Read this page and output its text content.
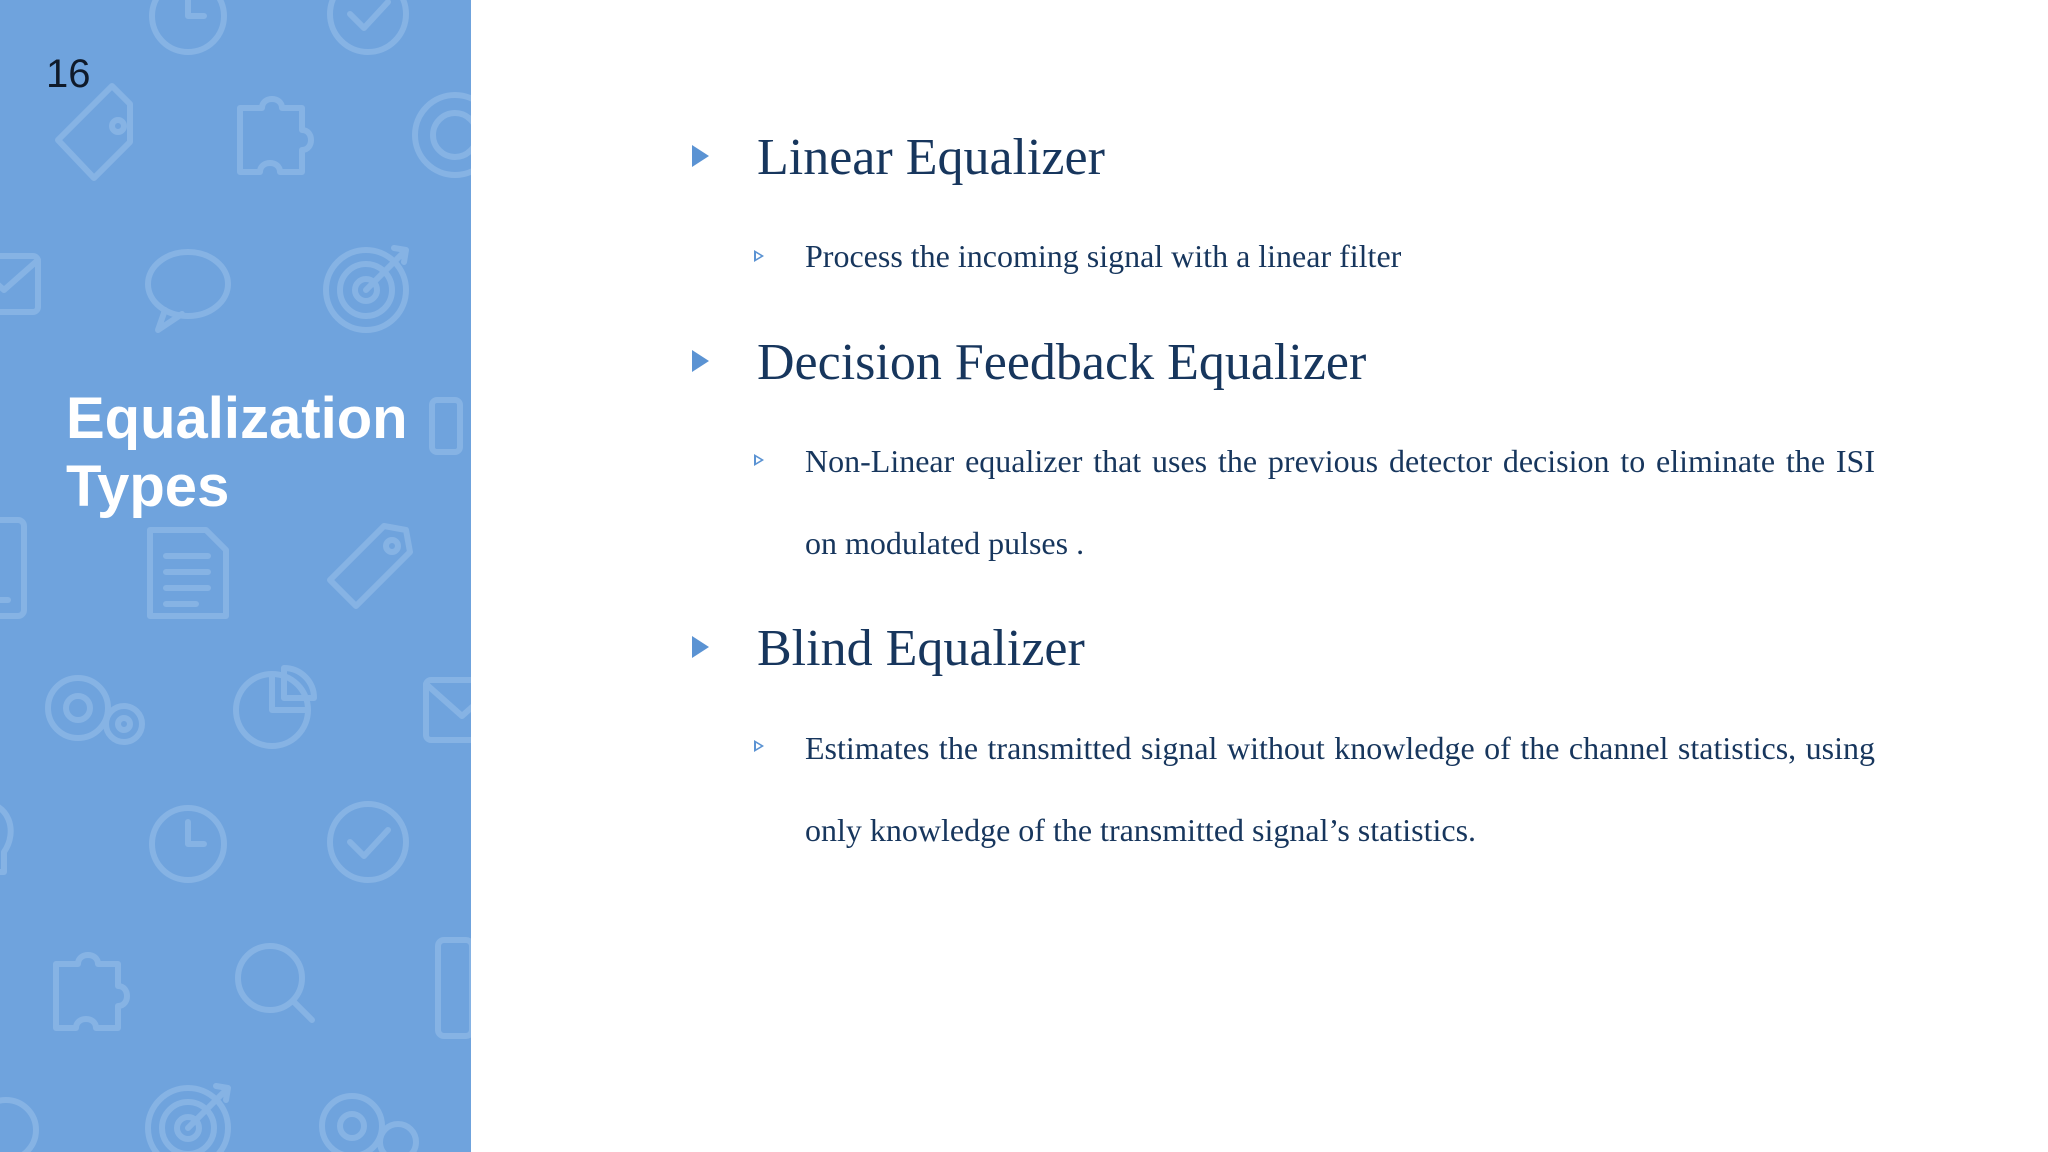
16
Equalization
Types
Linear Equalizer
Process the incoming signal with a linear filter
Decision Feedback Equalizer
Non-Linear equalizer that uses the previous detector decision to eliminate the ISI on modulated pulses .
Blind Equalizer
Estimates the transmitted signal without knowledge of the channel statistics, using only knowledge of the transmitted signal’s statistics.
